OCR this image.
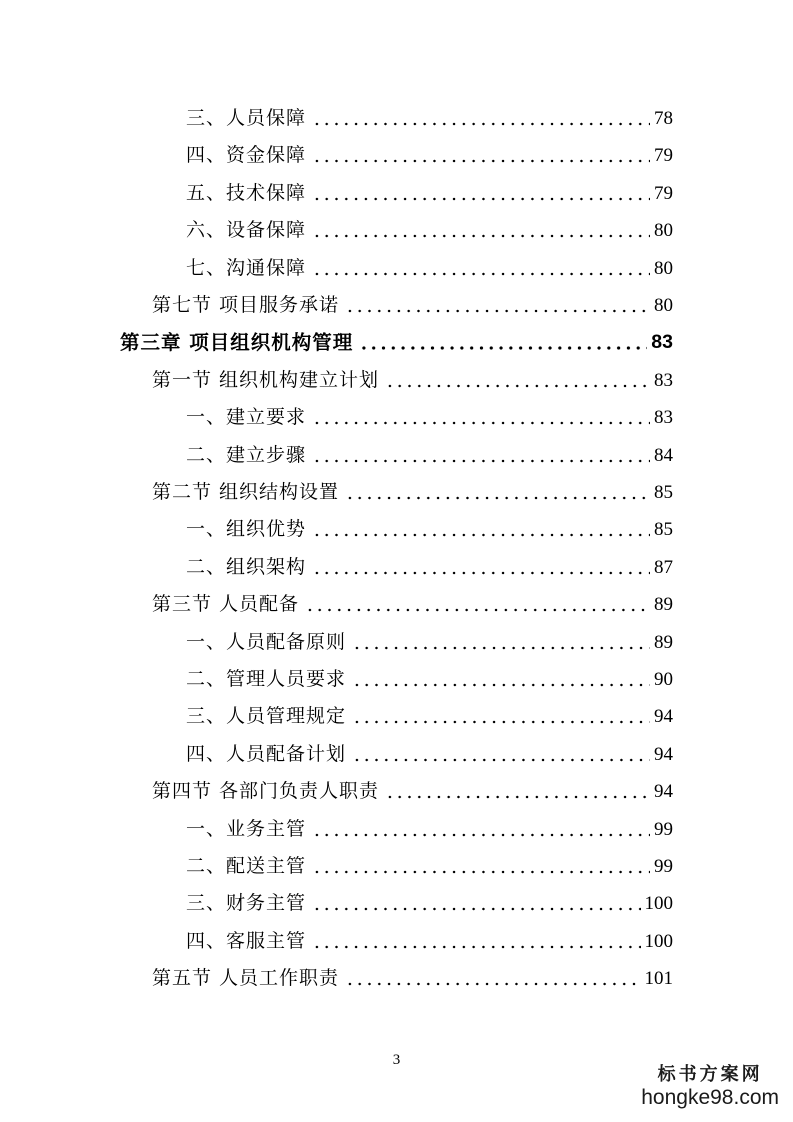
三、人员保障	78
四、资金保障	79
五、技术保障	79
六、设备保障	80
七、沟通保障	80
第七节 项目服务承诺	80
第三章 项目组织机构管理	83
第一节 组织机构建立计划	83
一、建立要求	83
二、建立步骤	84
第二节 组织结构设置	85
一、组织优势	85
二、组织架构	87
第三节 人员配备	89
一、人员配备原则	89
二、管理人员要求	90
三、人员管理规定	94
四、人员配备计划	94
第四节 各部门负责人职责	94
一、业务主管	99
二、配送主管	99
三、财务主管	100
四、客服主管	100
第五节 人员工作职责	101
3
标书方案网
hongke98.com
